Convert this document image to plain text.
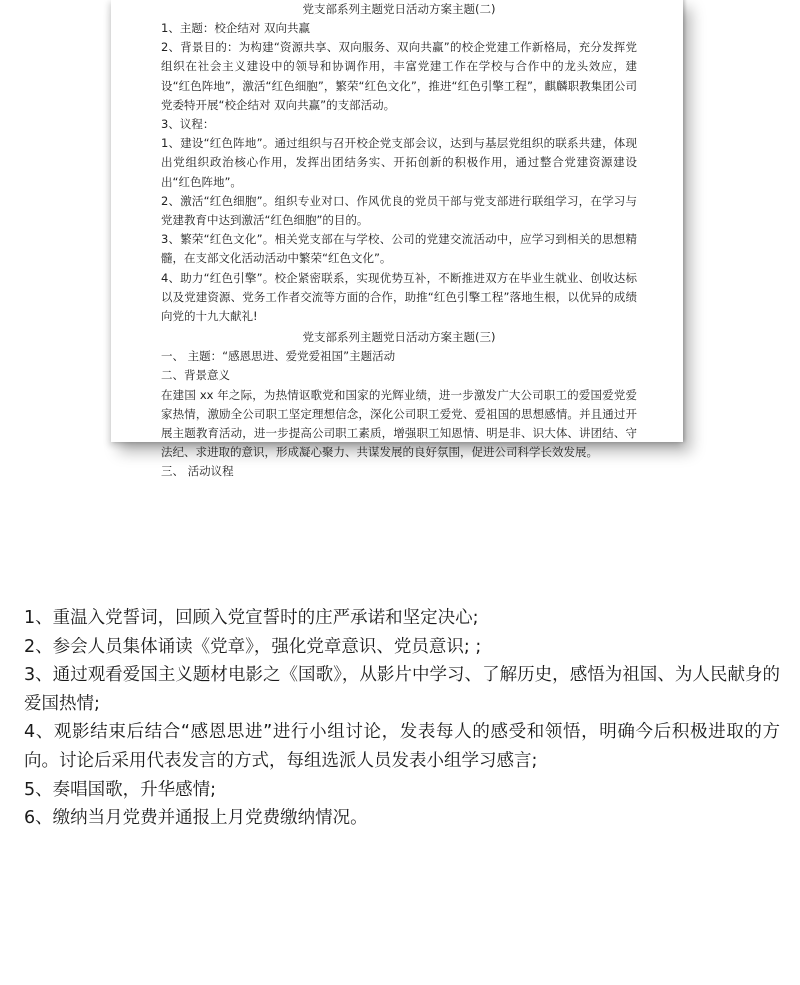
党支部系列主题党日活动方案主题(二)

1、主题：校企结对 双向共赢

2、背景目的：为构建“资源共享、双向服务、双向共赢”的校企党建工作新格局，充分发挥党组织在社会主义建设中的领导和协调作用，丰富党建工作在学校与合作中的龙头效应，建设“红色阵地”，激活“红色细胞”，繁荣“红色文化”，推进“红色引擎工程”，麒麟职教集团公司党委特开展“校企结对 双向共赢”的支部活动。

3、议程：

1、建设“红色阵地”。通过组织与召开校企党支部会议，达到与基层党组织的联系共建，体现出党组织政治核心作用，发挥出团结务实、开拓创新的积极作用，通过整合党建资源建设出“红色阵地”。

2、激活“红色细胞”。组织专业对口、作风优良的党员干部与党支部进行联组学习，在学习与党建教育中达到激活“红色细胞”的目的。

3、繁荣“红色文化”。相关党支部在与学校、公司的党建交流活动中，应学习到相关的思想精髓，在支部文化活动活动中繁荣“红色文化”。

4、助力“红色引擎”。校企紧密联系，实现优势互补，不断推进双方在毕业生就业、创收达标以及党建资源、党务工作者交流等方面的合作，助推“红色引擎工程”落地生根，以优异的成绩向党的十九大献礼!

党支部系列主题党日活动方案主题(三)

一、 主题：“感恩思进、爱党爱祖国”主题活动

二、背景意义

在建国 xx 年之际，为热情讴歌党和国家的光辉业绩，进一步激发广大公司职工的爱国爱党爱家热情，激励全公司职工坚定理想信念，深化公司职工爱党、爱祖国的思想感情。并且通过开展主题教育活动，进一步提高公司职工素质，增强职工知恩情、明是非、识大体、讲团结、守法纪、求进取的意识，形成凝心聚力、共谋发展的良好氛围，促进公司科学长效发展。

三、 活动议程

1、重温入党誓词，回顾入党宣誓时的庄严承诺和坚定决心;

2、参会人员集体诵读《党章》，强化党章意识、党员意识; ;

3、通过观看爱国主义题材电影之《国歌》，从影片中学习、了解历史，感悟为祖国、为人民献身的爱国热情;

4、观影结束后结合“感恩思进”进行小组讨论，发表每人的感受和领悟，明确今后积极进取的方向。讨论后采用代表发言的方式，每组选派人员发表小组学习感言;

5、奏唱国歌，升华感情;

6、缴纳当月党费并通报上月党费缴纳情况。
